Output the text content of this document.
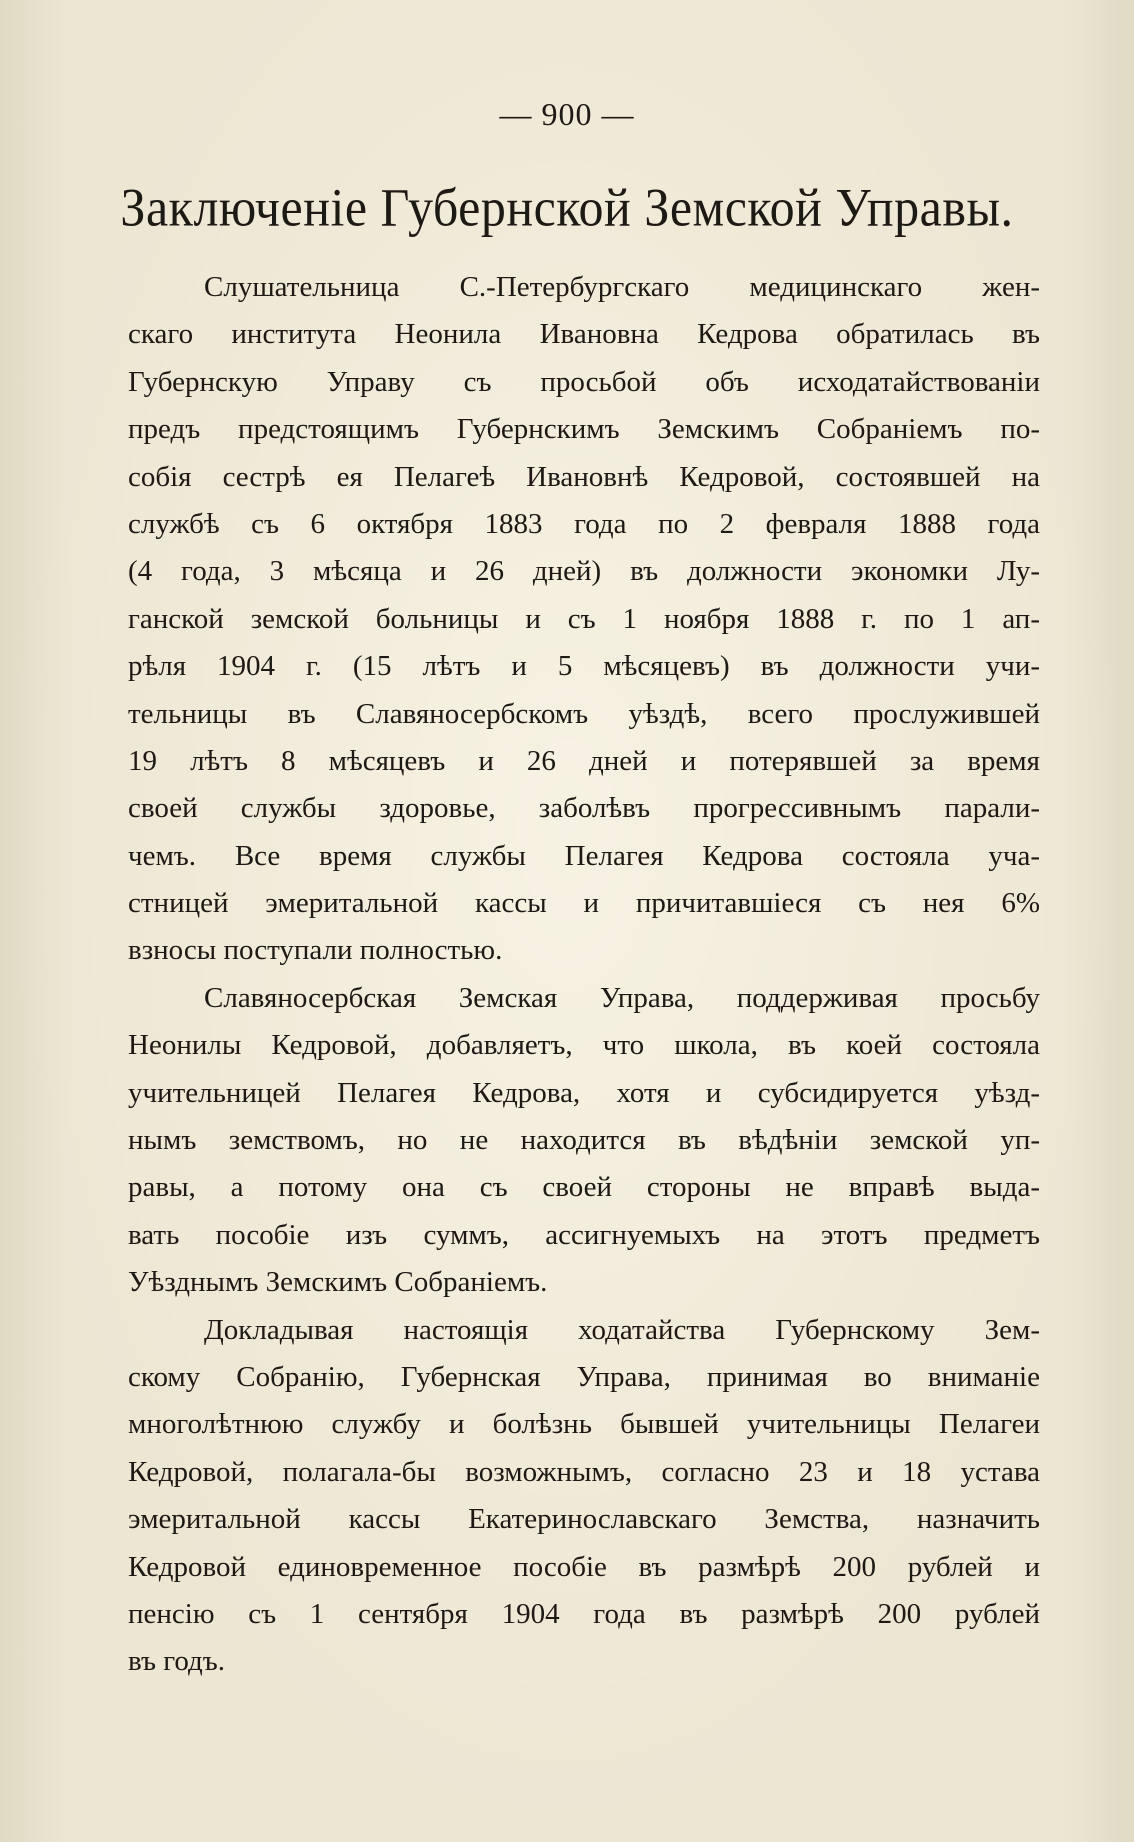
— 900 —
Заключеніе Губернской Земской Управы.
Слушательница С.-Петербургскаго медицинскаго жен-
скаго института Неонила Ивановна Кедрова обратилась въ
Губернскую Управу съ просьбой объ исходатайствованіи
предъ предстоящимъ Губернскимъ Земскимъ Собраніемъ по-
собія сестрѣ ея Пелагеѣ Ивановнѣ Кедровой, состоявшей на
службѣ съ 6 октября 1883 года по 2 февраля 1888 года
(4 года, 3 мѣсяца и 26 дней) въ должности экономки Лу-
ганской земской больницы и съ 1 ноября 1888 г. по 1 ап-
рѣля 1904 г. (15 лѣтъ и 5 мѣсяцевъ) въ должности учи-
тельницы въ Славяносербскомъ уѣздѣ, всего прослужившей
19 лѣтъ 8 мѣсяцевъ и 26 дней и потерявшей за время
своей службы здоровье, заболѣвъ прогрессивнымъ парали-
чемъ. Все время службы Пелагея Кедрова состояла уча-
стницей эмеритальной кассы и причитавшіеся съ нея 6%
взносы поступали полностью.
Славяносербская Земская Управа, поддерживая просьбу
Неонилы Кедровой, добавляетъ, что школа, въ коей состояла
учительницей Пелагея Кедрова, хотя и субсидируется уѣзд-
нымъ земствомъ, но не находится въ вѣдѣніи земской уп-
равы, а потому она съ своей стороны не вправѣ выда-
вать пособіе изъ суммъ, ассигнуемыхъ на этотъ предметъ
Уѣзднымъ Земскимъ Собраніемъ.
Докладывая настоящія ходатайства Губернскому Зем-
скому Собранію, Губернская Управа, принимая во вниманіе
многолѣтнюю службу и болѣзнь бывшей учительницы Пелагеи
Кедровой, полагала-бы возможнымъ, согласно 23 и 18 устава
эмеритальной кассы Екатеринославскаго Земства, назначить
Кедровой единовременное пособіе въ размѣрѣ 200 рублей и
пенсію съ 1 сентября 1904 года въ размѣрѣ 200 рублей
въ годъ.
